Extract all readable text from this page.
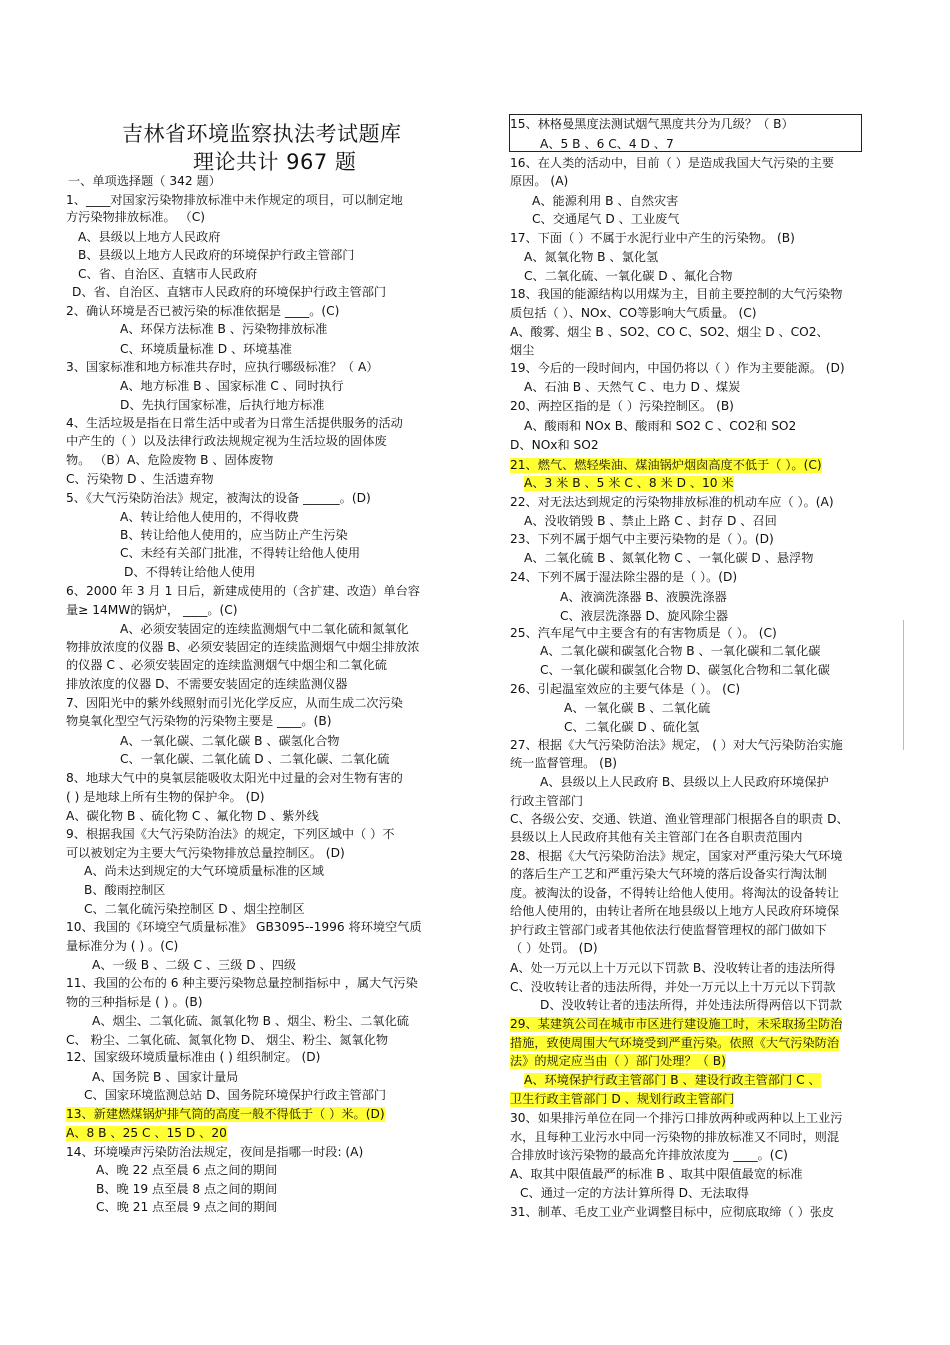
吉林省环境监察执法考试题库
理论共计 967 题
一、单项选择题（ 342 题）
1、____对国家污染物排放标准中未作规定的项目，可以制定地
方污染物排放标准。 （C)
A、县级以上地方人民政府
B、县级以上地方人民政府的环境保护行政主管部门
C、省、自治区、直辖市人民政府
D、省、自治区、直辖市人民政府的环境保护行政主管部门
2、确认环境是否已被污染的标准依据是 ____。(C)
A、环保方法标准 B 、污染物排放标准
C、环境质量标准 D 、环境基准
3、国家标准和地方标准共存时，应执行哪级标准？（ A）
A、地方标准 B 、国家标准 C 、同时执行
D、先执行国家标准，后执行地方标准
4、生活垃圾是指在日常生活中或者为日常生活提供服务的活动
中产生的（ ）以及法律行政法规规定视为生活垃圾的固体废
物。 （B）A、危险废物 B 、固体废物
C、污染物 D 、生活遗弃物
5、《大气污染防治法》规定，被淘汰的设备 ______。(D)
A、转让给他人使用的，不得收费
B、转让给他人使用的，应当防止产生污染
C、未经有关部门批准，不得转让给他人使用
D、不得转让给他人使用
6、2000 年 3 月 1 日后，新建成使用的（含扩建、改造）单台容
量≥ 14MW的锅炉， ____。(C)
A、必须安装固定的连续监测烟气中二氧化硫和氮氧化
物排放浓度的仪器 B、必须安装固定的连续监测烟气中烟尘排放浓
的仪器 C 、必须安装固定的连续监测烟气中烟尘和二氧化硫
排放浓度的仪器 D、不需要安装固定的连续监测仪器
7、因阳光中的紫外线照射而引光化学反应，从而生成二次污染
物臭氧化型空气污染物的污染物主要是 ____。(B)
A、一氧化碳、二氧化碳 B 、碳氢化合物
C、一氧化碳、二氧化硫 D 、二氧化碳、二氧化硫
8、地球大气中的臭氧层能吸收太阳光中过量的会对生物有害的
( ) 是地球上所有生物的保护伞。 (D)
A、碳化物 B 、硫化物 C 、氟化物 D 、紫外线
9、根据我国《大气污染防治法》的规定，下列区域中（ ）不
可以被划定为主要大气污染物排放总量控制区。 (D)
A、尚未达到规定的大气环境质量标准的区域
B、酸雨控制区
C、二氧化硫污染控制区 D 、烟尘控制区
10、我国的《环境空气质量标准》 GB3095--1996 将环境空气质
量标准分为 ( ) 。(C)
A、一级 B 、二级 C 、三级 D 、四级
11、我国的公布的 6 种主要污染物总量控制指标中 ，属大气污染
物的三种指标是 ( ) 。(B)
A、烟尘、二氧化硫、氮氧化物 B 、烟尘、粉尘、二氧化硫
C、 粉尘、二氧化硫、氮氧化物 D、 烟尘、粉尘、氮氧化物
12、国家级环境质量标准由 ( ) 组织制定。 (D)
A、国务院 B 、国家计量局
C、国家环境监测总站 D、国务院环境保护行政主管部门
13、新建燃煤锅炉排气筒的高度一般不得低于（ ）米。(D)
A、8 B 、25 C 、15 D 、20
14、环境噪声污染防治法规定，夜间是指哪一时段: (A)
A、晚 22 点至晨 6 点之间的期间
B、晚 19 点至晨 8 点之间的期间
C、晚 21 点至晨 9 点之间的期间
15、林格曼黑度法测试烟气黑度共分为几级？（ B）
A、5 B 、6 C、4 D 、7
16、在人类的活动中，目前（ ）是造成我国大气污染的主要
原因。 (A)
A、能源利用 B 、自然灾害
C、交通尾气 D 、工业废气
17、下面（ ）不属于水泥行业中产生的污染物。 (B)
A、氮氧化物 B 、氯化氢
C、二氧化硫、一氧化碳 D 、氟化合物
18、我国的能源结构以用煤为主，目前主要控制的大气污染物
质包括（ ）、NOx、CO等影响大气质量。 (C)
A、酸雾、烟尘 B 、SO2、CO C、SO2、烟尘 D 、CO2、
烟尘
19、今后的一段时间内，中国仍将以（ ）作为主要能源。 (D)
A、石油 B 、天然气 C 、电力 D 、煤炭
20、两控区指的是（ ）污染控制区。 (B)
A、酸雨和 NOx B、酸雨和 SO2 C 、CO2和 SO2
D、NOx和 SO2
21、燃气、燃轻柴油、煤油锅炉烟囱高度不低于（ ）。(C)
A、3 米 B 、5 米 C 、8 米 D 、10 米
22、对无法达到规定的污染物排放标准的机动车应（ ）。(A)
A、没收销毁 B 、禁止上路 C 、封存 D 、召回
23、下列不属于烟气中主要污染物的是（ ）。(D)
A、二氧化硫 B 、氮氧化物 C 、一氧化碳 D 、悬浮物
24、下列不属于湿法除尘器的是（ ）。(D)
A、液滴洗涤器 B、液膜洗涤器
C、液层洗涤器 D、旋风除尘器
25、汽车尾气中主要含有的有害物质是（ ）。 (C)
A、二氧化碳和碳氢化合物 B 、一氧化碳和二氧化碳
C、一氧化碳和碳氢化合物 D、碳氢化合物和二氧化碳
26、引起温室效应的主要气体是（ ）。 (C)
A、一氧化碳 B 、二氧化硫
C、二氧化碳 D 、硫化氢
27、根据《大气污染防治法》规定， ( ）对大气污染防治实施
统一监督管理。 (B)
A、县级以上人民政府 B、县级以上人民政府环境保护
行政主管部门
C、各级公安、交通、铁道、渔业管理部门根据各自的职责 D、
县级以上人民政府其他有关主管部门在各自职责范围内
28、根据《大气污染防治法》规定，国家对严重污染大气环境
的落后生产工艺和严重污染大气环境的落后设备实行淘汰制
度。被淘汰的设备，不得转让给他人使用。将淘汰的设备转让
给他人使用的，由转让者所在地县级以上地方人民政府环境保
护行政主管部门或者其他依法行使监督管理权的部门做如下
（ ）处罚。 (D)
A、处一万元以上十万元以下罚款 B、没收转让者的违法所得
C、没收转让者的违法所得，并处一万元以上十万元以下罚款
D、没收转让者的违法所得，并处违法所得两倍以下罚款
29、某建筑公司在城市市区进行建设施工时，未采取扬尘防治
措施，致使周围大气环境受到严重污染。依照《大气污染防治
法》的规定应当由（ ）部门处理？（ B)
A、环境保护行政主管部门 B 、建设行政主管部门 C 、
卫生行政主管部门 D 、规划行政主管部门
30、如果排污单位在同一个排污口排放两种或两种以上工业污
水，且每种工业污水中同一污染物的排放标准又不同时，则混
合排放时该污染物的最高允许排放浓度为 ____。(C)
A、取其中限值最严的标准 B 、取其中限值最宽的标准
C、通过一定的方法计算所得 D、无法取得
31、制革、毛皮工业产业调整目标中，应彻底取缔（ ）张皮
